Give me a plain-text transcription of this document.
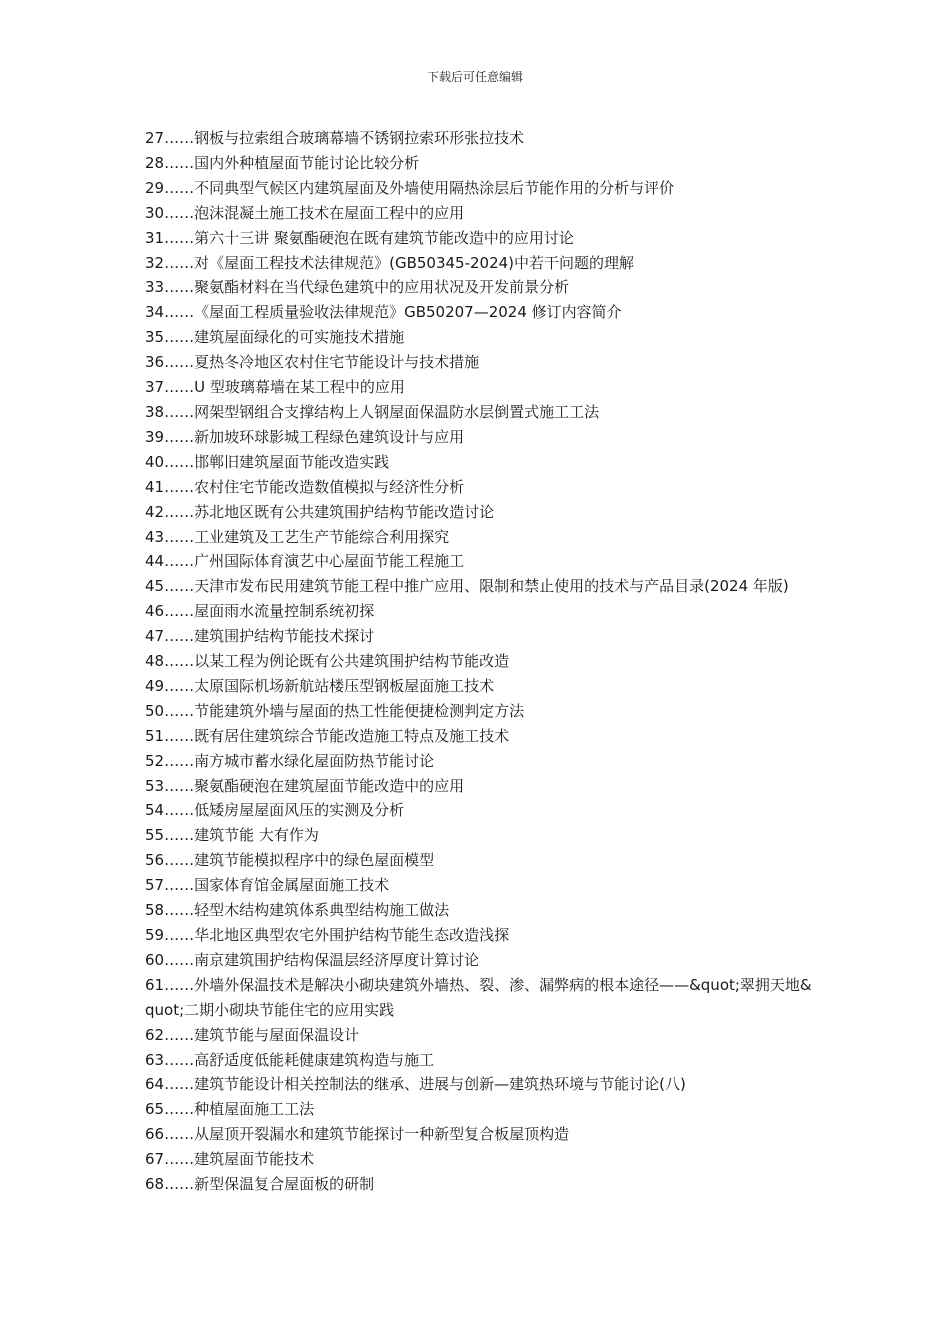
下载后可任意编辑
27……钢板与拉索组合玻璃幕墙不锈钢拉索环形张拉技术
28……国内外种植屋面节能讨论比较分析
29……不同典型气候区内建筑屋面及外墙使用隔热涂层后节能作用的分析与评价
30……泡沫混凝土施工技术在屋面工程中的应用
31……第六十三讲 聚氨酯硬泡在既有建筑节能改造中的应用讨论
32……对《屋面工程技术法律规范》(GB50345-2024)中若干问题的理解
33……聚氨酯材料在当代绿色建筑中的应用状况及开发前景分析
34……《屋面工程质量验收法律规范》GB50207—2024 修订内容简介
35……建筑屋面绿化的可实施技术措施
36……夏热冬冷地区农村住宅节能设计与技术措施
37……U 型玻璃幕墙在某工程中的应用
38……网架型钢组合支撑结构上人钢屋面保温防水层倒置式施工工法
39……新加坡环球影城工程绿色建筑设计与应用
40……邯郸旧建筑屋面节能改造实践
41……农村住宅节能改造数值模拟与经济性分析
42……苏北地区既有公共建筑围护结构节能改造讨论
43……工业建筑及工艺生产节能综合利用探究
44……广州国际体育演艺中心屋面节能工程施工
45……天津市发布民用建筑节能工程中推广应用、限制和禁止使用的技术与产品目录(2024 年版)
46……屋面雨水流量控制系统初探
47……建筑围护结构节能技术探讨
48……以某工程为例论既有公共建筑围护结构节能改造
49……太原国际机场新航站楼压型钢板屋面施工技术
50……节能建筑外墙与屋面的热工性能便捷检测判定方法
51……既有居住建筑综合节能改造施工特点及施工技术
52……南方城市蓄水绿化屋面防热节能讨论
53……聚氨酯硬泡在建筑屋面节能改造中的应用
54……低矮房屋屋面风压的实测及分析
55……建筑节能 大有作为
56……建筑节能模拟程序中的绿色屋面模型
57……国家体育馆金属屋面施工技术
58……轻型木结构建筑体系典型结构施工做法
59……华北地区典型农宅外围护结构节能生态改造浅探
60……南京建筑围护结构保温层经济厚度计算讨论
61……外墙外保温技术是解决小砌块建筑外墙热、裂、渗、漏弊病的根本途径——&quot;翠拥天地&quot;二期小砌块节能住宅的应用实践
62……建筑节能与屋面保温设计
63……高舒适度低能耗健康建筑构造与施工
64……建筑节能设计相关控制法的继承、进展与创新—建筑热环境与节能讨论(八)
65……种植屋面施工工法
66……从屋顶开裂漏水和建筑节能探讨一种新型复合板屋顶构造
67……建筑屋面节能技术
68……新型保温复合屋面板的研制
